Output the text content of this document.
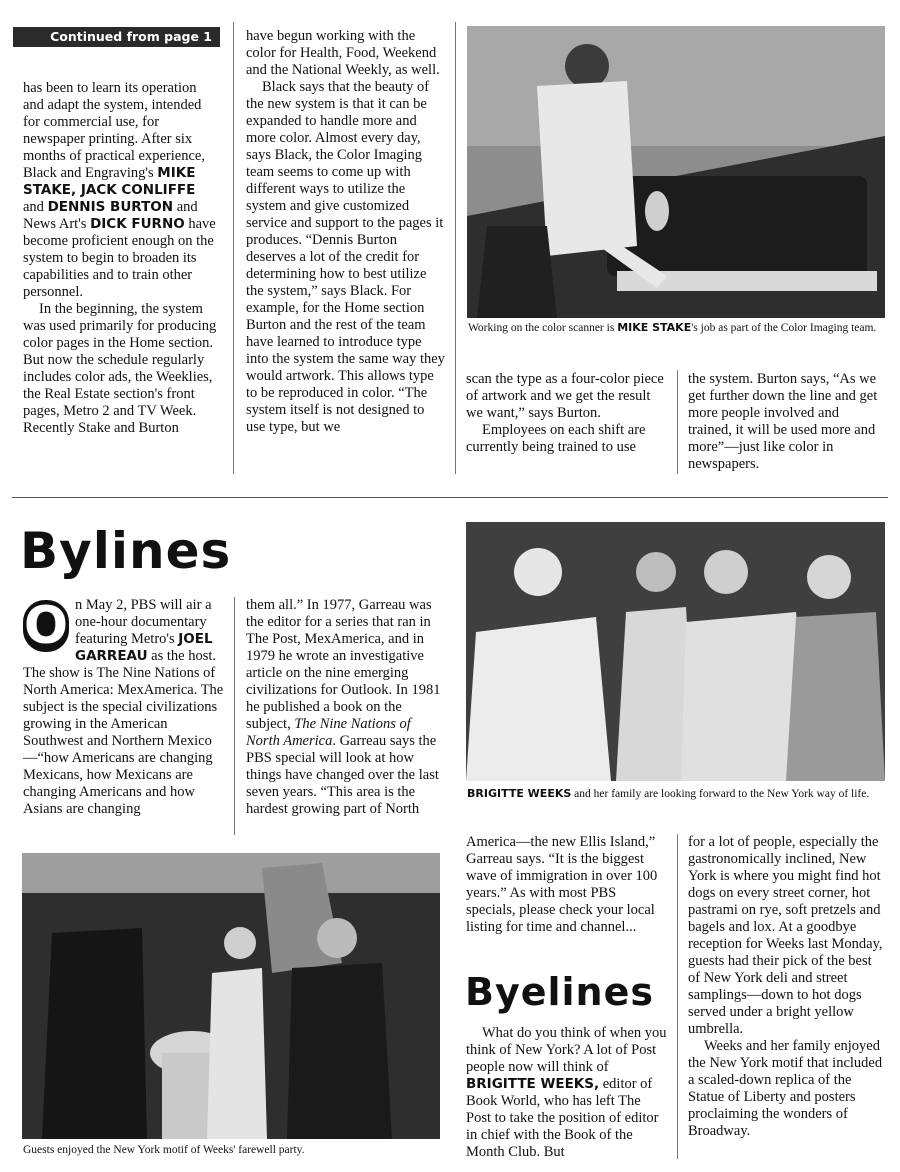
Continued from page 1

has been to learn its operation and adapt the system, intended for commercial use, for newspaper printing. After six months of practical experience, Black and Engraving's MIKE STAKE, JACK CONLIFFE and DENNIS BURTON and News Art's DICK FURNO have become proficient enough on the system to begin to broaden its capabilities and to train other personnel.

In the beginning, the system was used primarily for producing color pages in the Home section. But now the schedule regularly includes color ads, the Weeklies, the Real Estate section's front pages, Metro 2 and TV Week. Recently Stake and Burton

have begun working with the color for Health, Food, Weekend and the National Weekly, as well.

Black says that the beauty of the new system is that it can be expanded to handle more and more color. Almost every day, says Black, the Color Imaging team seems to come up with different ways to utilize the system and give customized service and support to the pages it produces. “Dennis Burton deserves a lot of the credit for determining how to best utilize the system,” says Black. For example, for the Home section Burton and the rest of the team have learned to introduce type into the system the same way they would artwork. This allows type to be reproduced in color. “The system itself is not designed to use type, but we

Working on the color scanner is MIKE STAKE's job as part of the Color Imaging team.

scan the type as a four-color piece of artwork and we get the result we want,” says Burton.

Employees on each shift are currently being trained to use

the system. Burton says, “As we get further down the line and get more people involved and trained, it will be used more and more”—just like color in newspapers.

Bylines
O n May 2, PBS will air a one-hour documentary featuring Metro's JOEL GARREAU as the host. The show is The Nine Nations of North America: MexAmerica. The subject is the special civilizations growing in the American Southwest and Northern Mexico—“how Americans are changing Mexicans, how Mexicans are changing Americans and how Asians are changing

them all.” In 1977, Garreau was the editor for a series that ran in The Post, MexAmerica, and in 1979 he wrote an investigative article on the nine emerging civilizations for Outlook. In 1981 he published a book on the subject, The Nine Nations of North America. Garreau says the PBS special will look at how things have changed over the last seven years. “This area is the hardest growing part of North

BRIGITTE WEEKS and her family are looking forward to the New York way of life.

America—the new Ellis Island,” Garreau says. “It is the biggest wave of immigration in over 100 years.” As with most PBS specials, please check your local listing for time and channel...

Guests enjoyed the New York motif of Weeks' farewell party.
Byelines

What do you think of when you think of New York? A lot of Post people now will think of BRIGITTE WEEKS, editor of Book World, who has left The Post to take the position of editor in chief with the Book of the Month Club. But

for a lot of people, especially the gastronomically inclined, New York is where you might find hot dogs on every street corner, hot pastrami on rye, soft pretzels and bagels and lox. At a goodbye reception for Weeks last Monday, guests had their pick of the best of New York deli and street samplings—down to hot dogs served under a bright yellow umbrella.

Weeks and her family enjoyed the New York motif that included a scaled-down replica of the Statue of Liberty and posters proclaiming the wonders of Broadway.
